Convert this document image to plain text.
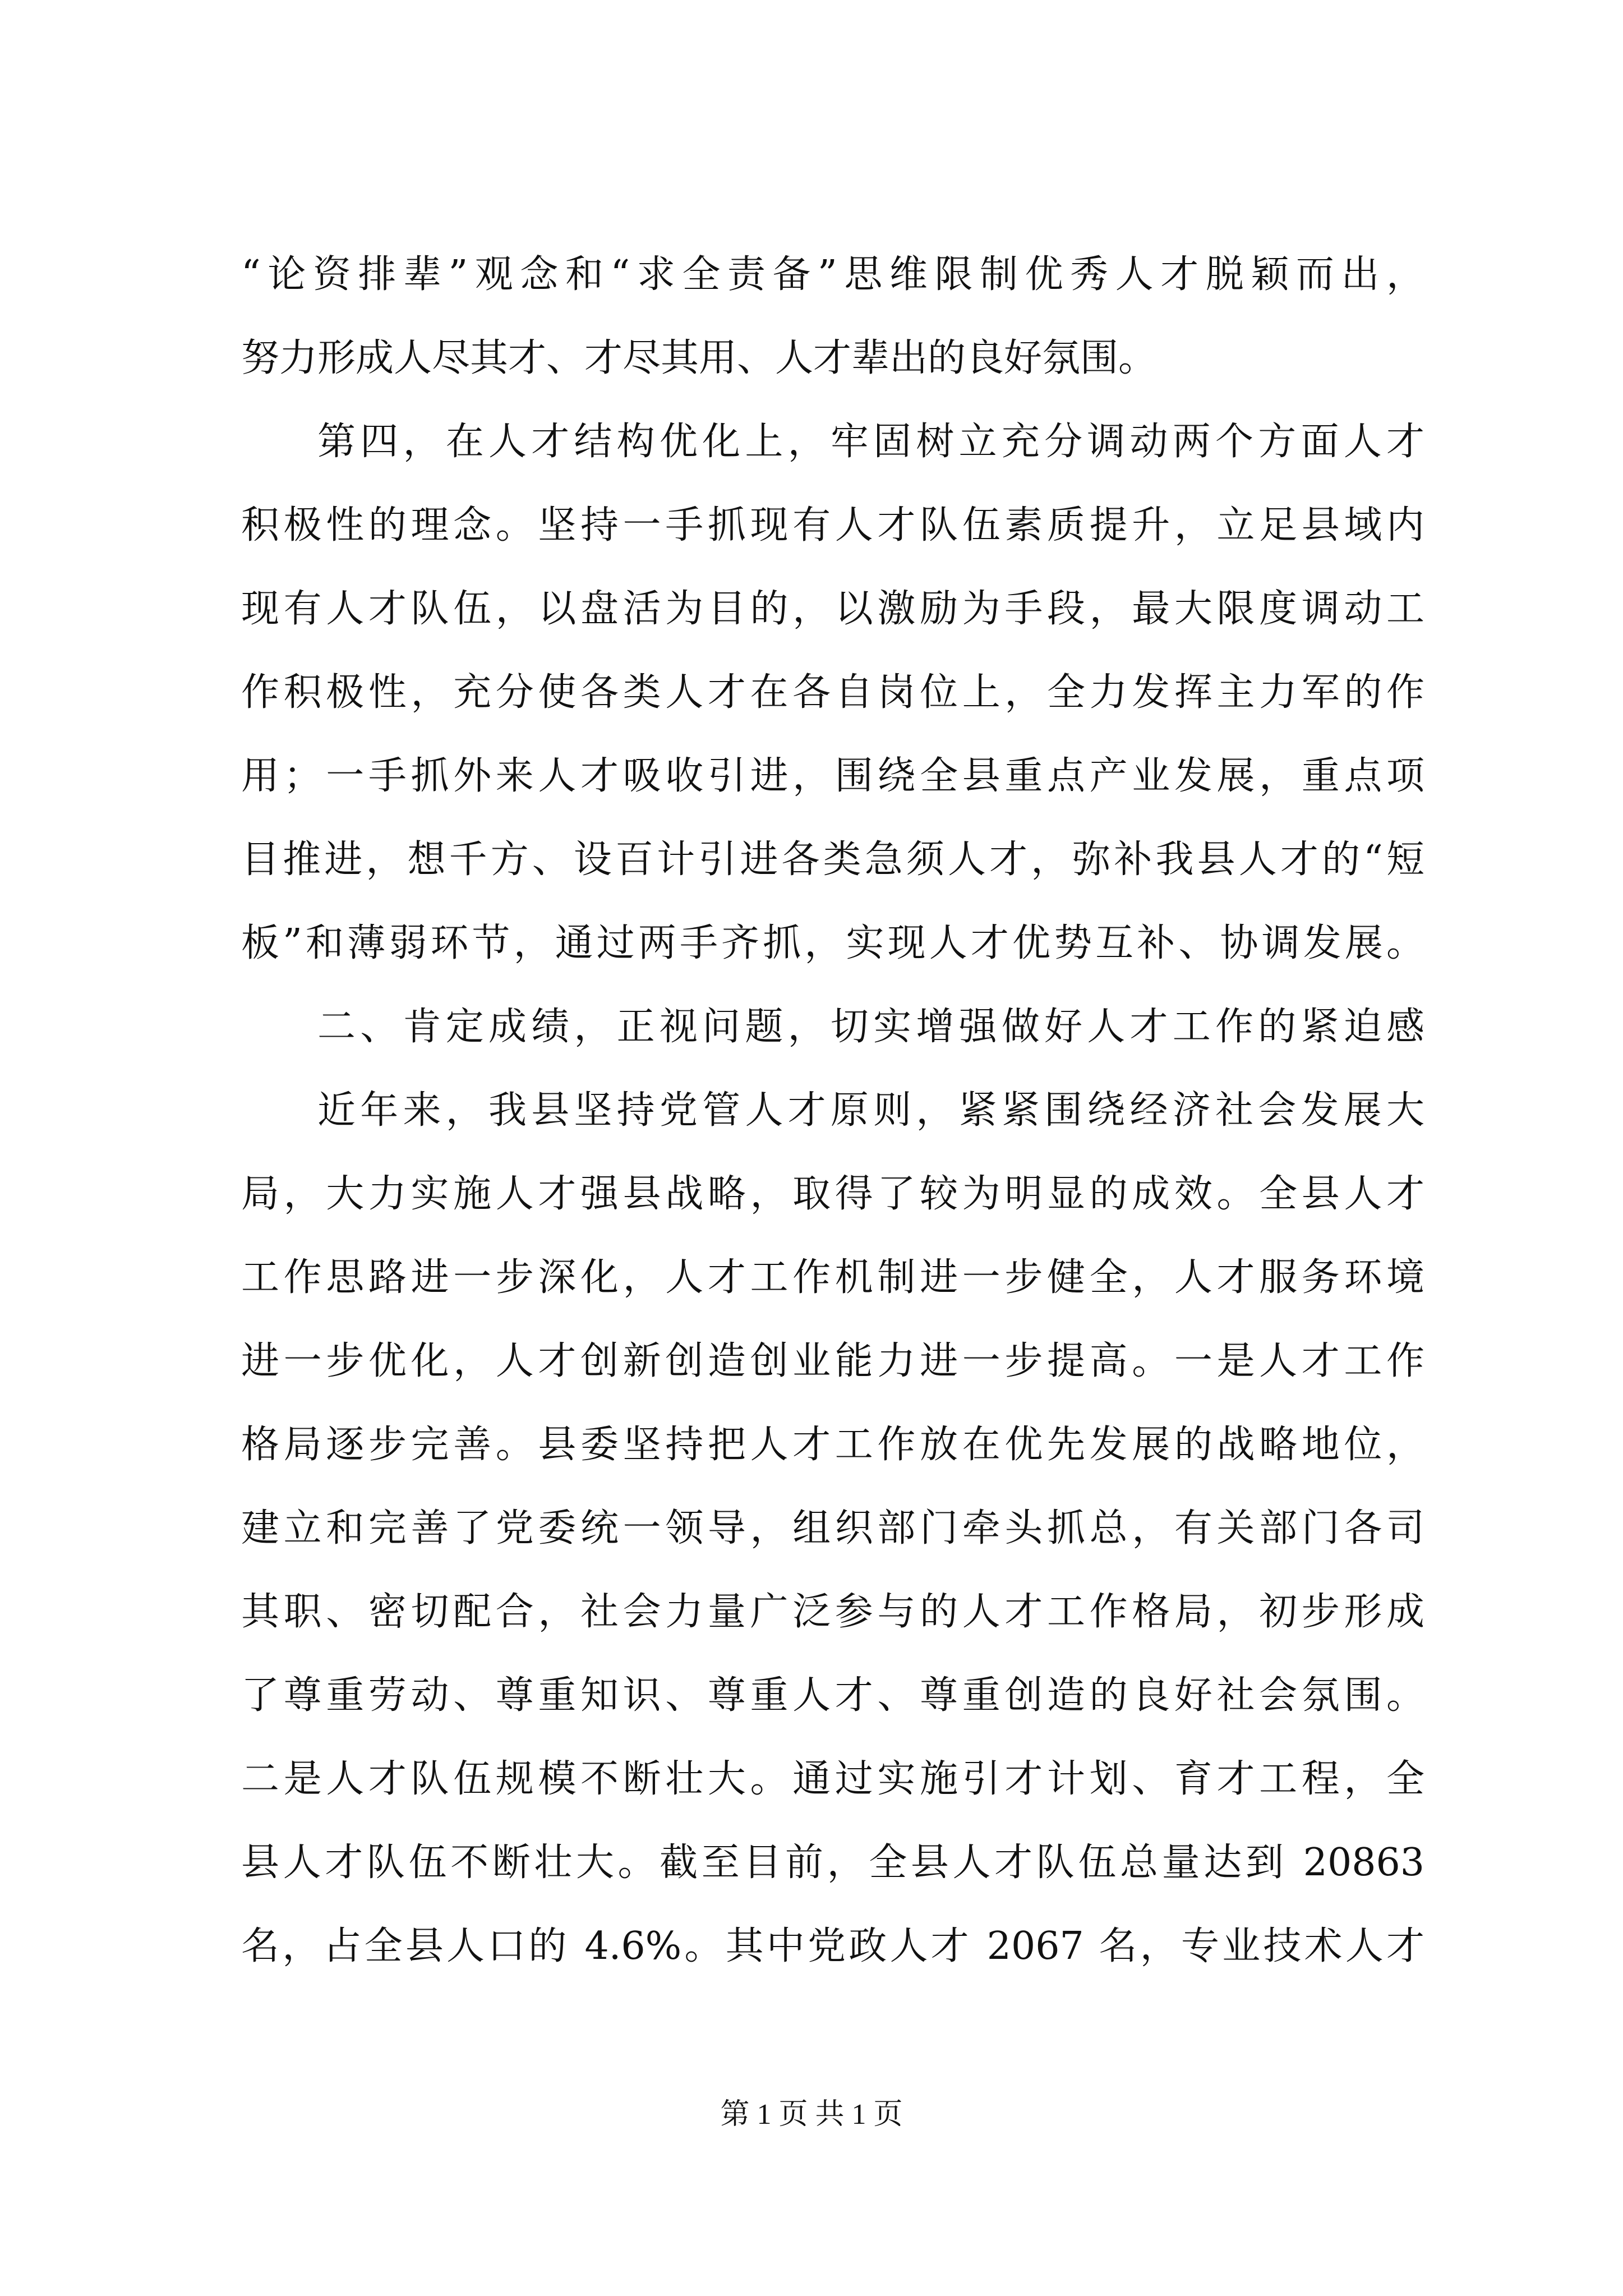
“论资排辈”观念和“求全责备”思维限制优秀人才脱颖而出，
努力形成人尽其才、才尽其用、人才辈出的良好氛围。
第四，在人才结构优化上，牢固树立充分调动两个方面人才
积极性的理念。坚持一手抓现有人才队伍素质提升，立足县域内
现有人才队伍，以盘活为目的，以激励为手段，最大限度调动工
作积极性，充分使各类人才在各自岗位上，全力发挥主力军的作
用；一手抓外来人才吸收引进，围绕全县重点产业发展，重点项
目推进，想千方、设百计引进各类急须人才，弥补我县人才的“短
板”和薄弱环节，通过两手齐抓，实现人才优势互补、协调发展。
二、肯定成绩，正视问题，切实增强做好人才工作的紧迫感
近年来，我县坚持党管人才原则，紧紧围绕经济社会发展大
局，大力实施人才强县战略，取得了较为明显的成效。全县人才
工作思路进一步深化，人才工作机制进一步健全，人才服务环境
进一步优化，人才创新创造创业能力进一步提高。一是人才工作
格局逐步完善。县委坚持把人才工作放在优先发展的战略地位，
建立和完善了党委统一领导，组织部门牵头抓总，有关部门各司
其职、密切配合，社会力量广泛参与的人才工作格局，初步形成
了尊重劳动、尊重知识、尊重人才、尊重创造的良好社会氛围。
二是人才队伍规模不断壮大。通过实施引才计划、育才工程，全
县人才队伍不断壮大。截至目前，全县人才队伍总量达到 20863
名，占全县人口的 4.6%。其中党政人才 2067 名，专业技术人才
第 1 页 共 1 页
